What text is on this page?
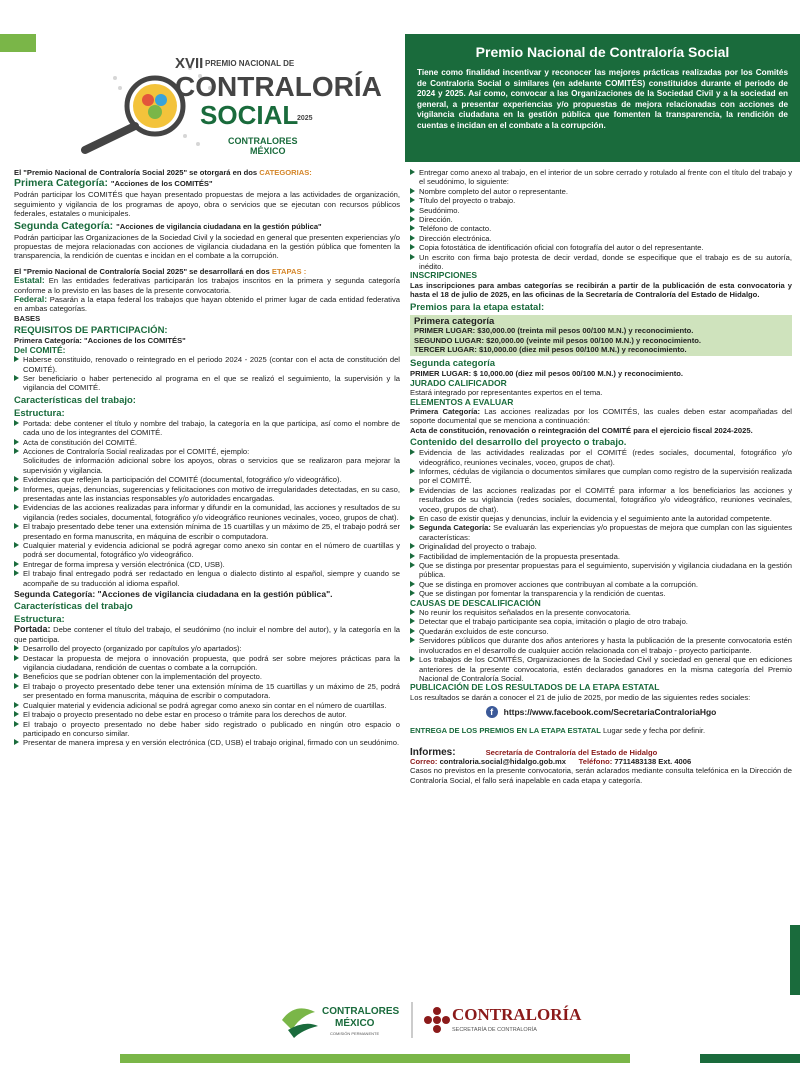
XVII PREMIO NACIONAL DE
CONTRALORÍA
SOCIAL
2025
CONTRALORES
MÉXICO
Premio Nacional de Contraloría Social

Tiene como finalidad incentivar y reconocer las mejores prácticas realizadas por los Comités de Contraloría Social o similares (en adelante COMITÉS) constituidos durante el periodo de 2024 y 2025. Así como, convocar a las Organizaciones de la Sociedad Civil y a la sociedad en general, a presentar experiencias y/o propuestas de mejora relacionadas con acciones de vigilancia ciudadana en la gestión pública que fomenten la transparencia, la rendición de cuentas e incidan en el combate a la corrupción.

El "Premio Nacional de Contraloría Social 2025" se otorgará en dos CATEGORIAS:
Primera Categoría: "Acciones de los COMITÉS"
Podrán participar los COMITÉS que hayan presentado propuestas de mejora a las actividades de organización, seguimiento y vigilancia de los programas de apoyo, obra o servicios que se ejecutan con recursos públicos federales, estatales o municipales.
Segunda Categoría: "Acciones de vigilancia ciudadana en la gestión pública"
Podrán participar las Organizaciones de la Sociedad Civil y la sociedad en general que presenten experiencias y/o propuestas de mejora relacionadas con acciones de vigilancia ciudadana en la gestión pública que fomenten la transparencia, la rendición de cuentas e incidan en el combate a la corrupción.
El "Premio Nacional de Contraloría Social 2025" se desarrollará en dos ETAPAS :
Estatal: En las entidades federativas participarán los trabajos inscritos en la primera y segunda categoría conforme a lo previsto en las bases de la presente convocatoria.
Federal: Pasarán a la etapa federal los trabajos que hayan obtenido el primer lugar de cada entidad federativa en ambas categorías.
BASES
REQUISITOS DE PARTICIPACIÓN:
Primera Categoría: "Acciones de los COMITÉS"
Del COMITÉ:
Haberse constituido, renovado o reintegrado en el periodo 2024 - 2025 (contar con el acta de constitución del COMITÉ).
Ser beneficiario o haber pertenecido al programa en el que se realizó el seguimiento, la supervisión y la vigilancia del COMITÉ.
Características del trabajo:
Estructura:
Portada: debe contener el título y nombre del trabajo, la categoría en la que participa, así como el nombre de cada uno de los integrantes del COMITÉ.
Acta de constitución del COMITÉ.
Acciones de Contraloría Social realizadas por el COMITÉ, ejemplo:
Solicitudes de información adicional sobre los apoyos, obras o servicios que se realizaron para mejorar la supervisión y vigilancia.
Evidencias que reflejen la participación del COMITÉ (documental, fotográfico y/o videográfico).
Informes, quejas, denuncias, sugerencias y felicitaciones con motivo de irregularidades detectadas, en su caso, presentadas ante las instancias responsables y/o autoridades encargadas.
Evidencias de las acciones realizadas para informar y difundir en la comunidad, las acciones y resultados de su vigilancia (redes sociales, documental, fotográfico y/o videográfico reuniones vecinales, voceo, grupos de chat).
El trabajo presentado debe tener una extensión mínima de 15 cuartillas y un máximo de 25, el trabajo podrá ser presentado en forma manuscrita, en máquina de escribir o computadora.
Cualquier material y evidencia adicional se podrá agregar como anexo sin contar en el número de cuartillas y podrá ser documental, fotográfico y/o videográfico.
Entregar de forma impresa y versión electrónica (CD, USB).
El trabajo final entregado podrá ser redactado en lengua o dialecto distinto al español, siempre y cuando se acompañe de su traducción al idioma español.
Segunda Categoría: "Acciones de vigilancia ciudadana en la gestión pública".
Características del trabajo
Estructura:
Portada: Debe contener el título del trabajo, el seudónimo (no incluir el nombre del autor), y la categoría en la que participa.
Desarrollo del proyecto (organizado por capítulos y/o apartados):
Destacar la propuesta de mejora o innovación propuesta, que podrá ser sobre mejores prácticas para la vigilancia ciudadana, rendición de cuentas o combate a la corrupción.
Beneficios que se podrían obtener con la implementación del proyecto.
El trabajo o proyecto presentado debe tener una extensión mínima de 15 cuartillas y un máximo de 25, podrá ser presentado en forma manuscrita, máquina de escribir o computadora.
Cualquier material y evidencia adicional se podrá agregar como anexo sin contar en el número de cuartillas.
El trabajo o proyecto presentado no debe estar en proceso o trámite para los derechos de autor.
El trabajo o proyecto presentado no debe haber sido registrado o publicado en ningún otro espacio o participado en concurso similar.
Presentar de manera impresa y en versión electrónica (CD, USB) el trabajo original, firmado con un seudónimo.
Entregar como anexo al trabajo, en el interior de un sobre cerrado y rotulado al frente con el título del trabajo y el seudónimo, lo siguiente:
Nombre completo del autor o representante.
Título del proyecto o trabajo.
Seudónimo.
Dirección.
Teléfono de contacto.
Dirección electrónica.
Copia fotostática de identificación oficial con fotografía del autor o del representante.
Un escrito con firma bajo protesta de decir verdad, donde se especifique que el trabajo es de su autoría, inédito.
INSCRIPCIONES
Las inscripciones para ambas categorías se recibirán a partir de la publicación de esta convocatoria y hasta el 18 de julio de 2025, en las oficinas de la Secretaría de Contraloría del Estado de Hidalgo.
Premios para la etapa estatal:
Primera categoría
PRIMER LUGAR: $30,000.00 (treinta mil pesos 00/100 M.N.) y reconocimiento.
SEGUNDO LUGAR: $20,000.00 (veinte mil pesos 00/100 M.N.) y reconocimiento.
TERCER LUGAR: $10,000.00 (diez mil pesos 00/100 M.N.) y reconocimiento.
Segunda categoría
PRIMER LUGAR: $ 10,000.00 (diez mil pesos 00/100 M.N.) y reconocimiento.
JURADO CALIFICADOR
Estará integrado por representantes expertos en el tema.
ELEMENTOS A EVALUAR
Primera Categoría: Las acciones realizadas por los COMITÉS, las cuales deben estar acompañadas del soporte documental que se menciona a continuación:
Acta de constitución, renovación o reintegración del COMITÉ para el ejercicio fiscal 2024-2025.
Contenido del desarrollo del proyecto o trabajo.
Evidencia de las actividades realizadas por el COMITÉ (redes sociales, documental, fotográfico y/o videográfico, reuniones vecinales, voceo, grupos de chat).
Informes, cédulas de vigilancia o documentos similares que cumplan como registro de la supervisión realizada por el COMITÉ.
Evidencias de las acciones realizadas por el COMITÉ para informar a los beneficiarios las acciones y resultados de su vigilancia (redes sociales, documental, fotográfico y/o videográfico, reuniones vecinales, voceo, grupos de chat).
En caso de existir quejas y denuncias, incluir la evidencia y el seguimiento ante la autoridad competente.
Segunda Categoría: Se evaluarán las experiencias y/o propuestas de mejora que cumplan con las siguientes características:
Originalidad del proyecto o trabajo.
Factibilidad de implementación de la propuesta presentada.
Que se distinga por presentar propuestas para el seguimiento, supervisión y vigilancia ciudadana en la gestión pública.
Que se distinga en promover acciones que contribuyan al combate a la corrupción.
Que se distingan por fomentar la transparencia y la rendición de cuentas.
CAUSAS DE DESCALIFICACIÓN
No reunir los requisitos señalados en la presente convocatoria.
Detectar que el trabajo participante sea copia, imitación o plagio de otro trabajo.
Quedarán excluidos de este concurso.
Servidores públicos que durante dos años anteriores y hasta la publicación de la presente convocatoria estén involucrados en el desarrollo de cualquier acción relacionada con el trabajo - proyecto participante.
Los trabajos de los COMITÉS, Organizaciones de la Sociedad Civil y sociedad en general que en ediciones anteriores de la presente convocatoria, estén declarados ganadores en la misma categoría del Premio Nacional de Contraloría Social.
PUBLICACIÓN DE LOS RESULTADOS DE LA ETAPA ESTATAL
Los resultados se darán a conocer el 21 de julio de 2025, por medio de las siguientes redes sociales:
f https://www.facebook.com/SecretariaContraloriaHgo
ENTREGA DE LOS PREMIOS EN LA ETAPA ESTATAL Lugar sede y fecha por definir.
Informes:	Secretaría de Contraloría del Estado de Hidalgo
Correo: contraloria.social@hidalgo.gob.mx Teléfono: 7711483138 Ext. 4006
Casos no previstos en la presente convocatoria, serán aclarados mediante consulta telefónica en la Dirección de Contraloría Social, el fallo será inapelable en cada etapa y categoría.
CONTRALORES
MÉXICO
COMISIÓN PERMANENTE
CONTRALORÍA
SECRETARÍA DE CONTRALORÍA
